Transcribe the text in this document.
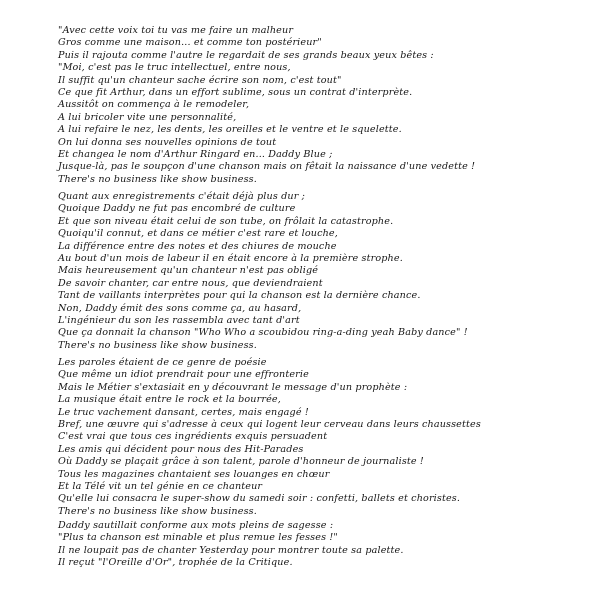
"Avec cette voix toi tu vas me faire un malheur
Gros comme une maison... et comme ton postérieur"
Puis il rajouta comme l'autre le regardait de ses grands beaux yeux bêtes :
"Moi, c'est pas le truc intellectuel, entre nous,
Il suffit qu'un chanteur sache écrire son nom, c'est tout"
Ce que fit Arthur, dans un effort sublime, sous un contrat d'interprète.
Aussitôt on commença à le remodeler,
A lui bricoler vite une personnalité,
A lui refaire le nez, les dents, les oreilles et le ventre et le squelette.
On lui donna ses nouvelles opinions de tout
Et changea le nom d'Arthur Ringard en... Daddy Blue ;
Jusque-là, pas le soupçon d'une chanson mais on fêtait la naissance d'une vedette !
There's no business like show business.
Quant aux enregistrements c'était déjà plus dur ;
Quoique Daddy ne fut pas encombré de culture
Et que son niveau était celui de son tube, on frôlait la catastrophe.
Quoiqu'il connut, et dans ce métier c'est rare et louche,
La différence entre des notes et des chiures de mouche
Au bout d'un mois de labeur il en était encore à la première strophe.
Mais heureusement qu'un chanteur n'est pas obligé
De savoir chanter, car entre nous, que deviendraient
Tant de vaillants interprètes pour qui la chanson est la dernière chance.
Non, Daddy émit des sons comme ça, au hasard,
L'ingénieur du son les rassembla avec tant d'art
Que ça donnait la chanson "Who Who a scoubidou ring-a-ding yeah Baby dance" !
There's no business like show business.
Les paroles étaient de ce genre de poésie
Que même un idiot prendrait pour une effronterie
Mais le Métier s'extasiait en y découvrant le message d'un prophète :
La musique était entre le rock et la bourrée,
Le truc vachement dansant, certes, mais engagé !
Bref, une œuvre qui s'adresse à ceux qui logent leur cerveau dans leurs chaussettes
C'est vrai que tous ces ingrédients exquis persuadent
Les amis qui décident pour nous des Hit-Parades
Où Daddy se plaçait grâce à son talent, parole d'honneur de journaliste !
Tous les magazines chantaient ses louanges en chœur
Et la Télé vit un tel génie en ce chanteur
Qu'elle lui consacra le super-show du samedi soir : confetti, ballets et choristes.
There's no business like show business.
Daddy sautillait conforme aux mots pleins de sagesse :
"Plus ta chanson est minable et plus remue les fesses !"
Il ne loupait pas de chanter Yesterday pour montrer toute sa palette.
Il reçut "l'Oreille d'Or", trophée de la Critique.
